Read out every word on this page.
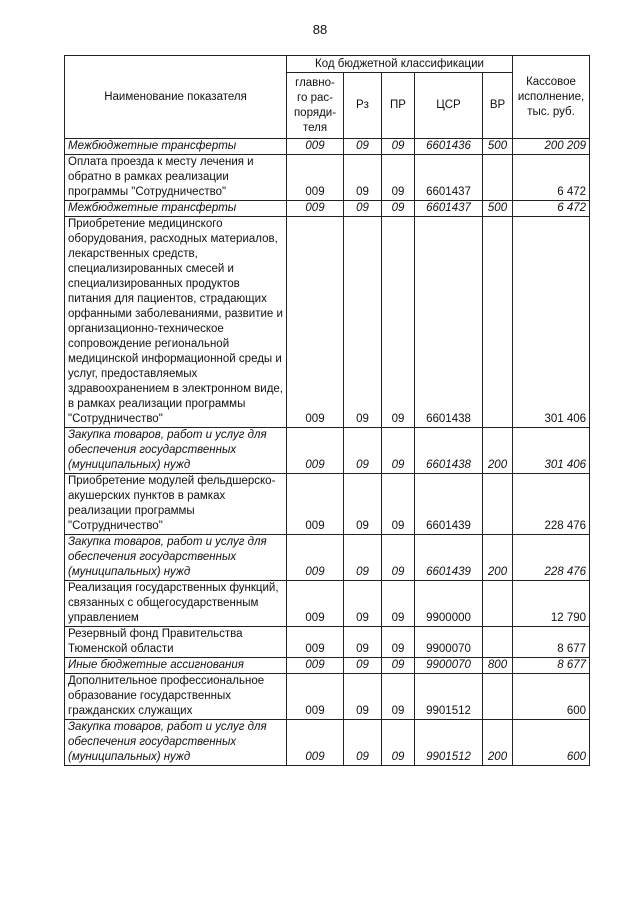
88
Наименование показателя	Код бюджетной классификации					Кассовое исполнение, тыс. руб.
	главно-го рас-поряди-теля	Рз	ПР	ЦСР	ВР	
Межбюджетные трансферты	009	09	09	6601436	500	200 209
Оплата проезда к месту лечения и обратно в рамках реализации программы "Сотрудничество"	009	09	09	6601437		6 472
Межбюджетные трансферты	009	09	09	6601437	500	6 472
Приобретение медицинского оборудования, расходных материалов, лекарственных средств, специализированных смесей и специализированных продуктов питания для пациентов, страдающих орфанными заболеваниями, развитие и организационно-техническое сопровождение региональной медицинской информационной среды и услуг, предоставляемых здравоохранением в электронном виде, в рамках реализации программы "Сотрудничество"	009	09	09	6601438		301 406
Закупка товаров, работ и услуг для обеспечения государственных (муниципальных) нужд	009	09	09	6601438	200	301 406
Приобретение модулей фельдшерско-акушерских пунктов в рамках реализации программы "Сотрудничество"	009	09	09	6601439		228 476
Закупка товаров, работ и услуг для обеспечения государственных (муниципальных) нужд	009	09	09	6601439	200	228 476
Реализация государственных функций, связанных с общегосударственным управлением	009	09	09	9900000		12 790
Резервный фонд Правительства Тюменской области	009	09	09	9900070		8 677
Иные бюджетные ассигнования	009	09	09	9900070	800	8 677
Дополнительное профессиональное образование государственных гражданских служащих	009	09	09	9901512		600
Закупка товаров, работ и услуг для обеспечения государственных (муниципальных) нужд	009	09	09	9901512	200	600
